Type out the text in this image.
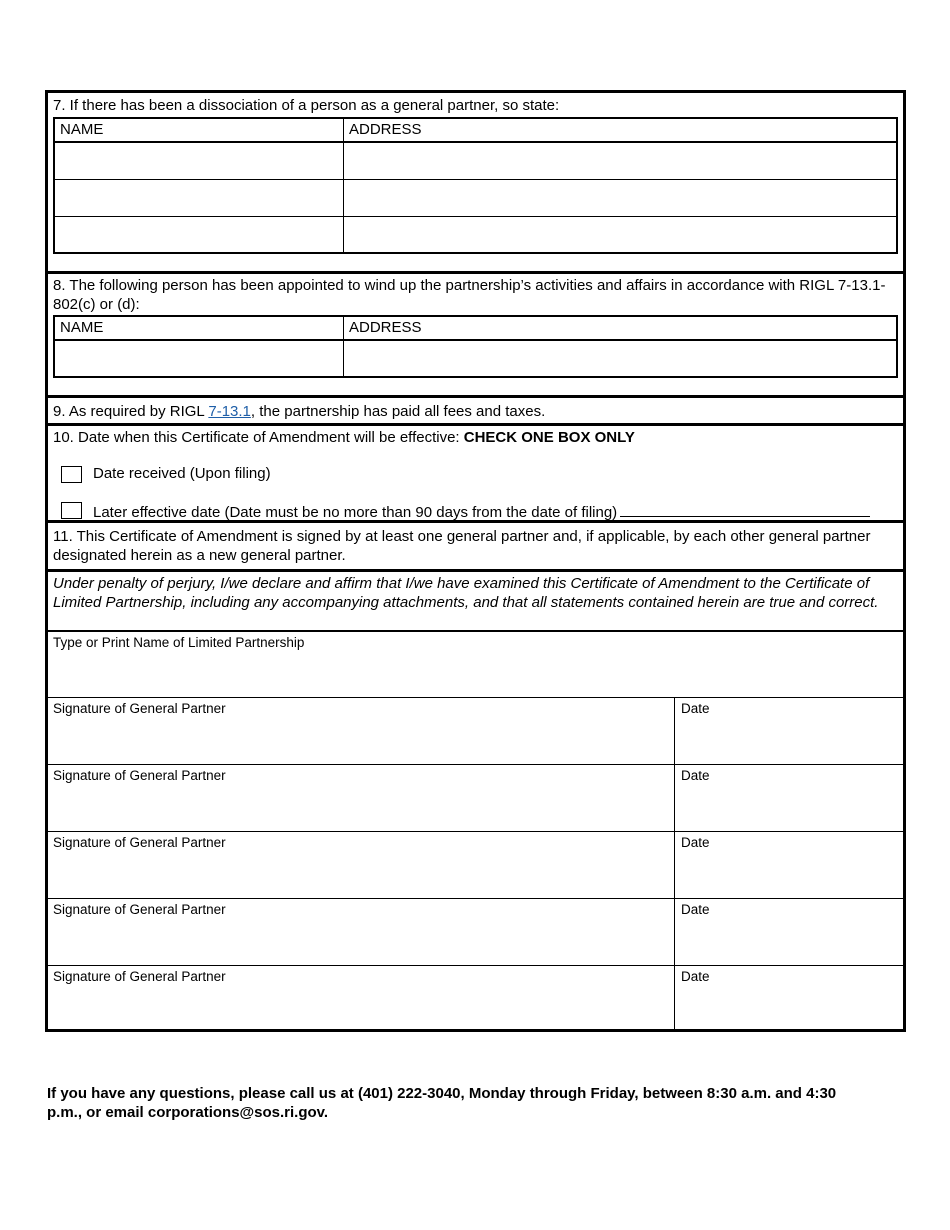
7. If there has been a dissociation of a person as a general partner, so state:
NAME	ADDRESS
8. The following person has been appointed to wind up the partnership’s activities and affairs in accordance with RIGL 7-13.1-802(c) or (d):
NAME	ADDRESS
9. As required by RIGL 7-13.1, the partnership has paid all fees and taxes.
10. Date when this Certificate of Amendment will be effective: CHECK ONE BOX ONLY
Date received (Upon filing)
Later effective date (Date must be no more than 90 days from the date of filing)
11. This Certificate of Amendment is signed by at least one general partner and, if applicable, by each other general partner designated herein as a new general partner.
Under penalty of perjury, I/we declare and affirm that I/we have examined this Certificate of Amendment to the Certificate of Limited Partnership, including any accompanying attachments, and that all statements contained herein are true and correct.
Type or Print Name of Limited Partnership
Signature of General Partner	Date
Signature of General Partner	Date
Signature of General Partner	Date
Signature of General Partner	Date
Signature of General Partner	Date
If you have any questions, please call us at (401) 222-3040, Monday through Friday, between 8:30 a.m. and 4:30 p.m., or email corporations@sos.ri.gov.
